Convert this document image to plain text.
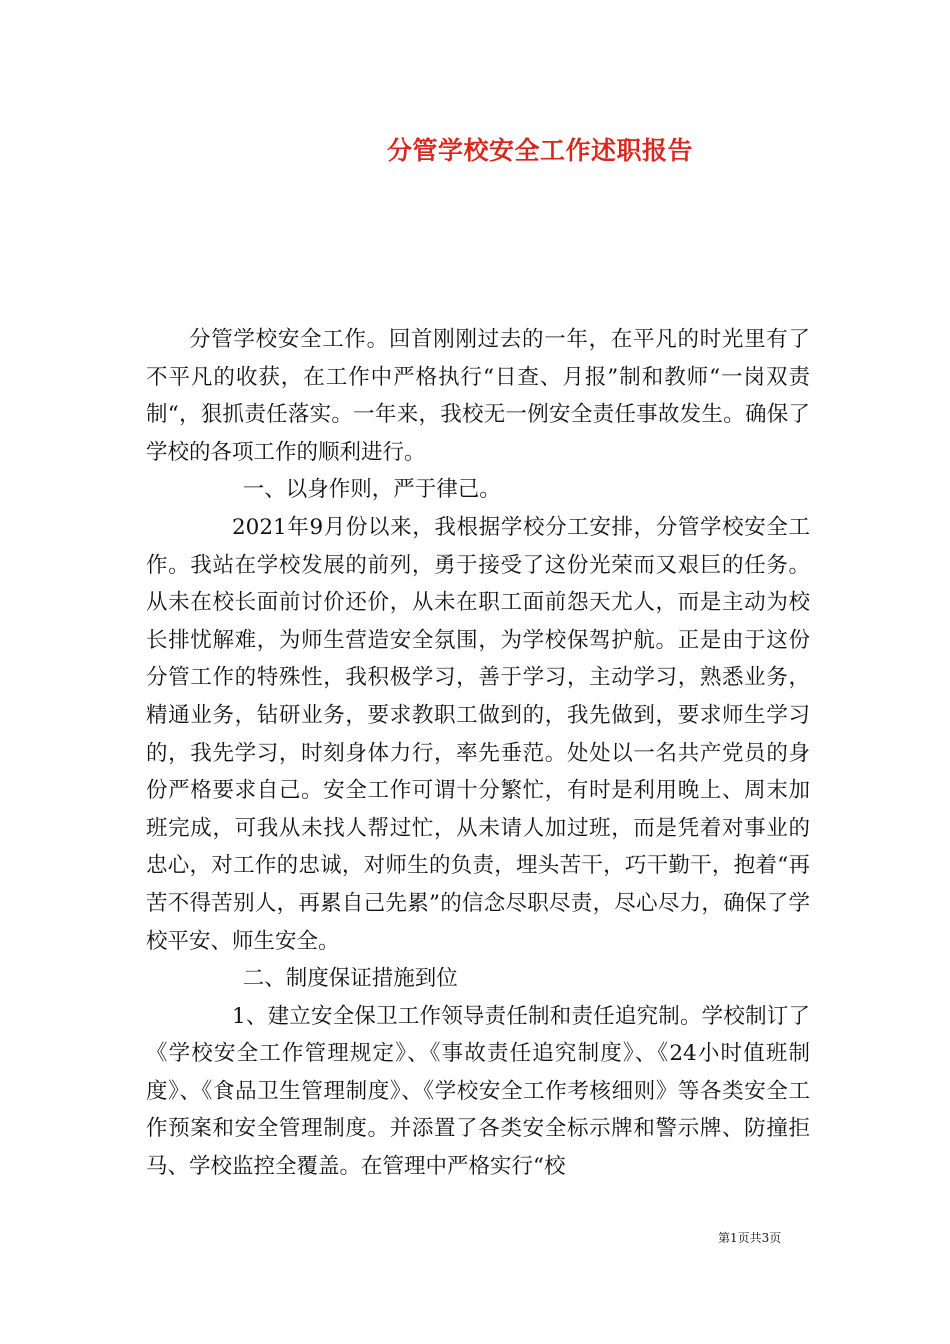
分管学校安全工作述职报告

分管学校安全工作。回首刚刚过去的一年，在平凡的时光里有了不平凡的收获，在工作中严格执行“日查、月报”制和教师“一岗双责制“，狠抓责任落实。一年来，我校无一例安全责任事故发生。确保了学校的各项工作的顺利进行。

一、以身作则，严于律己。

2021年9月份以来，我根据学校分工安排，分管学校安全工作。我站在学校发展的前列，勇于接受了这份光荣而又艰巨的任务。从未在校长面前讨价还价，从未在职工面前怨天尤人，而是主动为校长排忧解难，为师生营造安全氛围，为学校保驾护航。正是由于这份分管工作的特殊性，我积极学习，善于学习，主动学习，熟悉业务，精通业务，钻研业务，要求教职工做到的，我先做到，要求师生学习的，我先学习，时刻身体力行，率先垂范。处处以一名共产党员的身份严格要求自己。安全工作可谓十分繁忙，有时是利用晚上、周末加班完成，可我从未找人帮过忙，从未请人加过班，而是凭着对事业的忠心，对工作的忠诚，对师生的负责，埋头苦干，巧干勤干，抱着“再苦不得苦别人，再累自己先累”的信念尽职尽责，尽心尽力，确保了学校平安、师生安全。

二、制度保证措施到位

1、建立安全保卫工作领导责任制和责任追究制。学校制订了《学校安全工作管理规定》、《事故责任追究制度》、《24小时值班制度》、《食品卫生管理制度》、《学校安全工作考核细则》等各类安全工作预案和安全管理制度。并添置了各类安全标示牌和警示牌、防撞拒马、学校监控全覆盖。在管理中严格实行“校

第1页共3页
